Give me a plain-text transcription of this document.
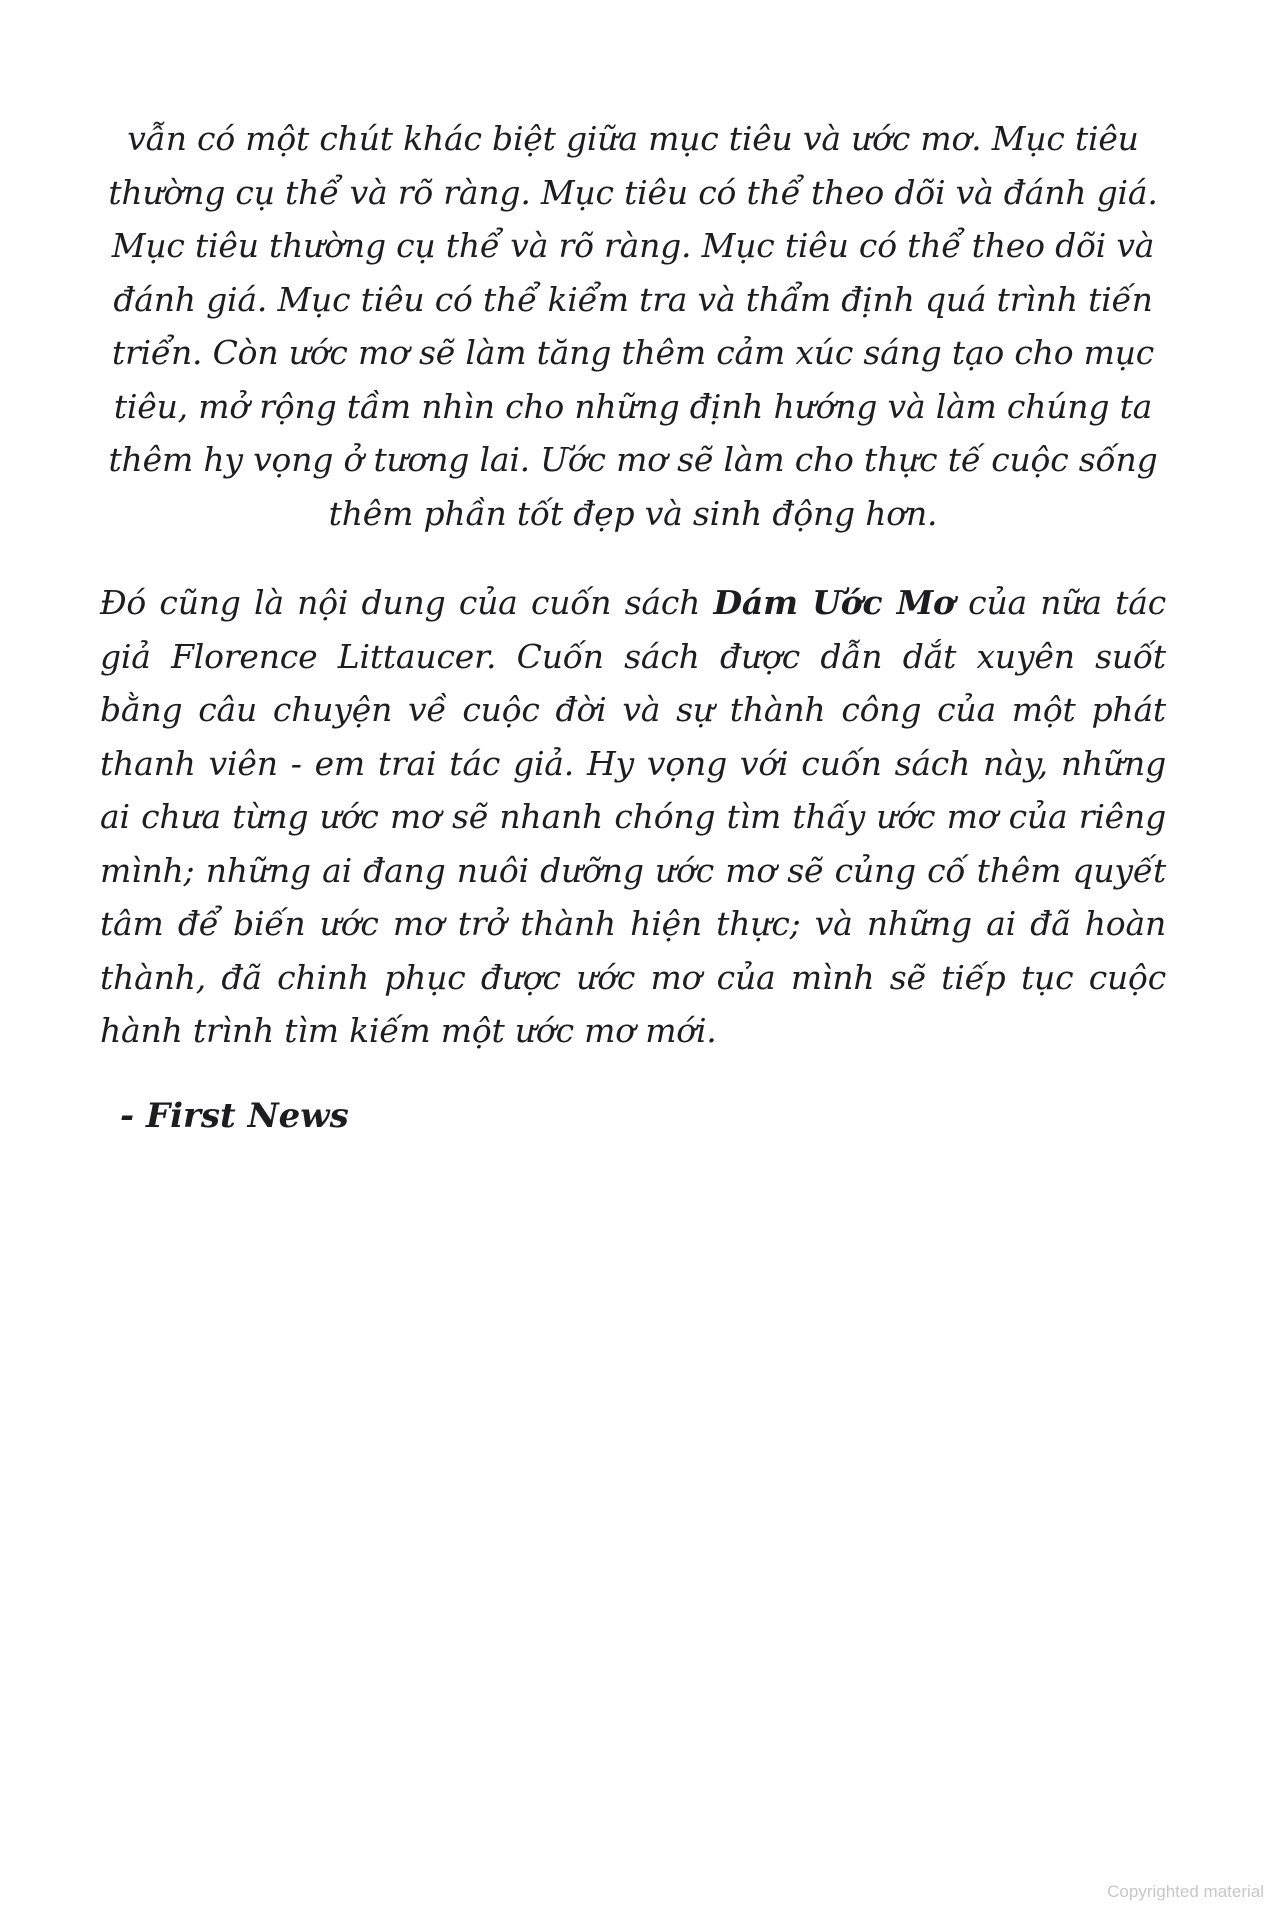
vẫn có một chút khác biệt giữa mục tiêu và ước mơ. Mục tiêu thường cụ thể và rõ ràng. Mục tiêu có thể theo dõi và đánh giá. Mục tiêu thường cụ thể và rõ ràng. Mục tiêu có thể theo dõi và đánh giá. Mục tiêu có thể kiểm tra và thẩm định quá trình tiến triển. Còn ước mơ sẽ làm tăng thêm cảm xúc sáng tạo cho mục tiêu, mở rộng tầm nhìn cho những định hướng và làm chúng ta thêm hy vọng ở tương lai. Ước mơ sẽ làm cho thực tế cuộc sống thêm phần tốt đẹp và sinh động hơn.

Đó cũng là nội dung của cuốn sách Dám Ước Mơ của nữa tác giả Florence Littaucer. Cuốn sách được dẫn dắt xuyên suốt bằng câu chuyện về cuộc đời và sự thành công của một phát thanh viên - em trai tác giả. Hy vọng với cuốn sách này, những ai chưa từng ước mơ sẽ nhanh chóng tìm thấy ước mơ của riêng mình; những ai đang nuôi dưỡng ước mơ sẽ củng cố thêm quyết tâm để biến ước mơ trở thành hiện thực; và những ai đã hoàn thành, đã chinh phục được ước mơ của mình sẽ tiếp tục cuộc hành trình tìm kiếm một ước mơ mới.

- First News

Copyrighted material
